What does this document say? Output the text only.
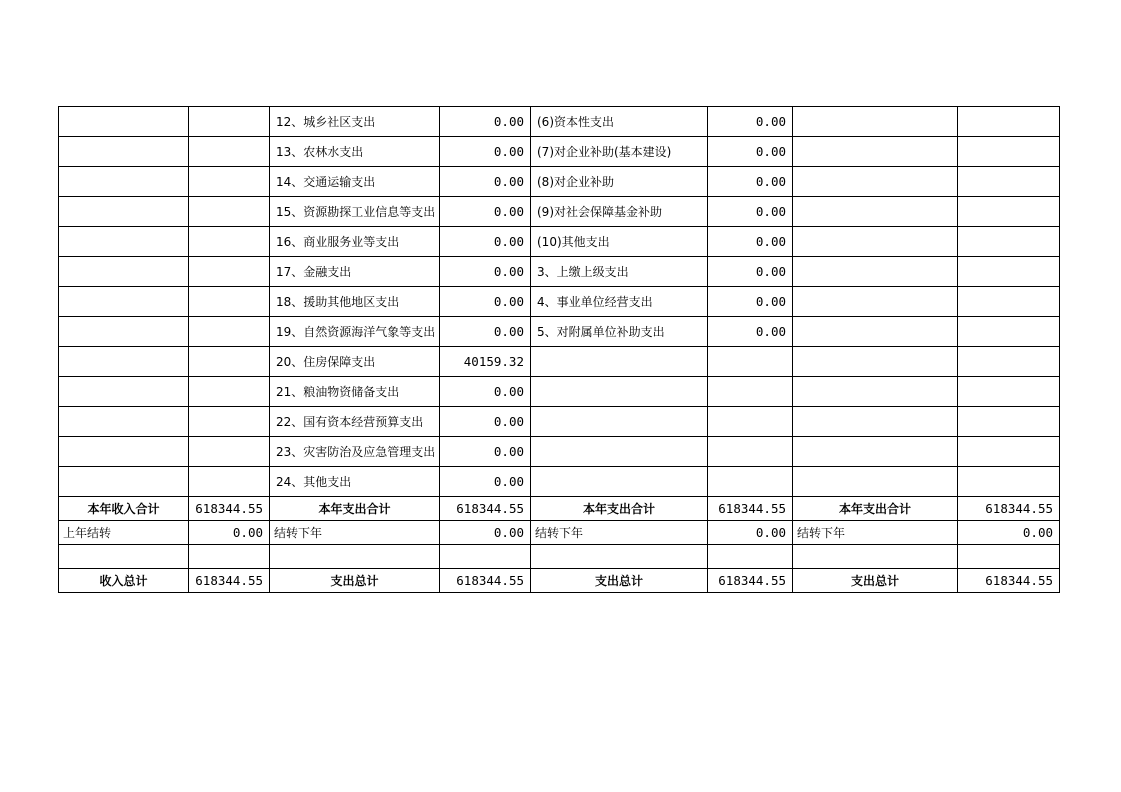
		12、城乡社区支出	0.00	(6)资本性支出	0.00		
		13、农林水支出	0.00	(7)对企业补助(基本建设)	0.00		
		14、交通运输支出	0.00	(8)对企业补助	0.00		
		15、资源勘探工业信息等支出	0.00	(9)对社会保障基金补助	0.00		
		16、商业服务业等支出	0.00	(10)其他支出	0.00		
		17、金融支出	0.00	3、上缴上级支出	0.00		
		18、援助其他地区支出	0.00	4、事业单位经营支出	0.00		
		19、自然资源海洋气象等支出	0.00	5、对附属单位补助支出	0.00		
		20、住房保障支出	40159.32				
		21、粮油物资储备支出	0.00				
		22、国有资本经营预算支出	0.00				
		23、灾害防治及应急管理支出	0.00				
		24、其他支出	0.00				
本年收入合计	618344.55	本年支出合计	618344.55	本年支出合计	618344.55	本年支出合计	618344.55
上年结转	0.00	结转下年	0.00	结转下年	0.00	结转下年	0.00

收入总计	618344.55	支出总计	618344.55	支出总计	618344.55	支出总计	618344.55
